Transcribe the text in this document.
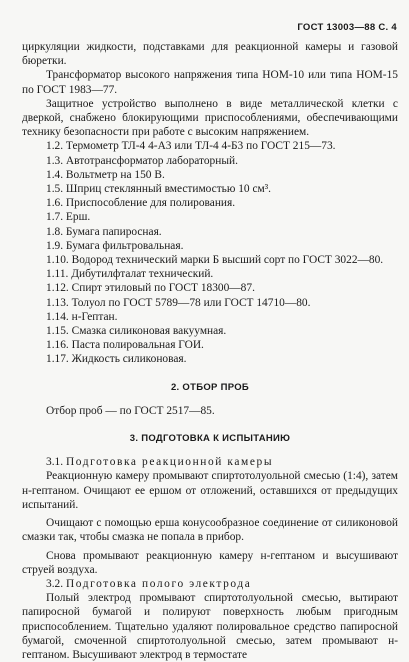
ГОСТ 13003—88 С. 4

циркуляции жидкости, подставками для реакционной камеры и газовой бюретки.

Трансформатор высокого напряжения типа НОМ-10 или типа НОМ-15 по ГОСТ 1983—77.

Защитное устройство выполнено в виде металлической клетки с дверкой, снабжено блокирующими приспособлениями, обеспечивающими технику безопасности при работе с высоким напряжением.

1.2. Термометр ТЛ-4 4-А3 или ТЛ-4 4-Б3 по ГОСТ 215—73.

1.3. Автотрансформатор лабораторный.

1.4. Вольтметр на 150 В.

1.5. Шприц стеклянный вместимостью 10 см³.

1.6. Приспособление для полирования.

1.7. Ерш.

1.8. Бумага папиросная.

1.9. Бумага фильтровальная.

1.10. Водород технический марки Б высший сорт по ГОСТ 3022—80.

1.11. Дибутилфталат технический.

1.12. Спирт этиловый по ГОСТ 18300—87.

1.13. Толуол по ГОСТ 5789—78 или ГОСТ 14710—80.

1.14. н-Гептан.

1.15. Смазка силиконовая вакуумная.

1.16. Паста полировальная ГОИ.

1.17. Жидкость силиконовая.

2. ОТБОР ПРОБ

Отбор проб — по ГОСТ 2517—85.

3. ПОДГОТОВКА К ИСПЫТАНИЮ

3.1. Подготовка реакционной камеры

Реакционную камеру промывают спиртотолуольной смесью (1:4), затем н-гептаном. Очищают ее ершом от отложений, оставшихся от предыдущих испытаний.

Очищают с помощью ерша конусообразное соединение от силиконовой смазки так, чтобы смазка не попала в прибор.

Снова промывают реакционную камеру н-гептаном и высушивают струей воздуха.

3.2. Подготовка полого электрода

Полый электрод промывают спиртотолуольной смесью, вытирают папиросной бумагой и полируют поверхность любым пригодным приспособлением. Тщательно удаляют полировальное средство папиросной бумагой, смоченной спиртотолуольной смесью, затем промывают н-гептаном. Высушивают электрод в термостате
